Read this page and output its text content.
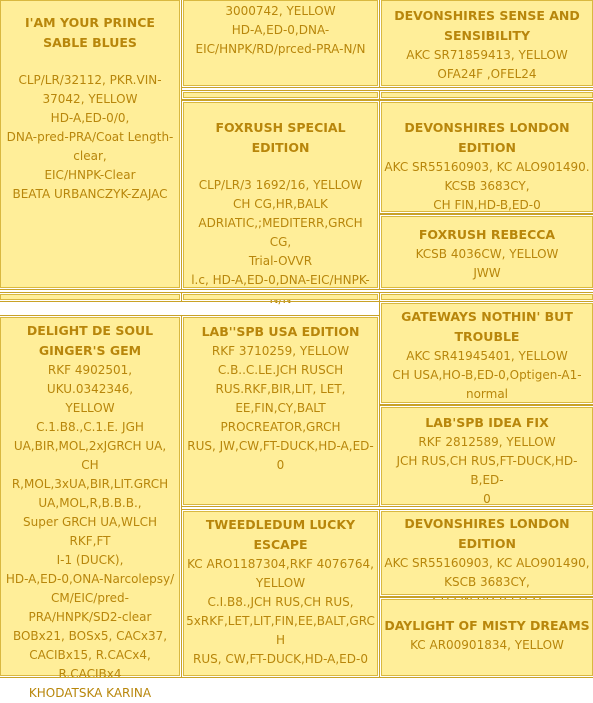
I'AM YOUR PRINCE SABLE BLUES
CLP/LR/32112, PKR.VIN-
37042, YELLOW
HD-A,ED-0/0,
DNA-pred-PRA/Coat Length-
clear,
EIC/HNPK-Clear
BEATA URBANCZYK-ZAJAC
DELIGHT DE SOUL GINGER'S GEM
RKF 4902501, UKU.0342346,
YELLOW
C.1.B8.,C.1.E. JGH
UA,BIR,MOL,2xJGRCH UA,
CH R,MOL,3xUA,BIR,LIT.GRCH
UA,MOL,R,B.B.B.,
Super GRCH UA,WLCH RKF,FT
I-1 (DUCK),
HD-A,ED-0,ONA-Narcolepsy/
CM/EIC/pred-
PRA/HNPK/SD2-clear
BOBx21, BOSx5, CACx37,
CACIBx15, R.CACx4,
R.CACIBx4
KHODATSKA KARINA
3000742, YELLOW
HD-A,ED-0,DNA-
EIC/HNPK/RD/prced-PRA-N/N
FOXRUSH SPECIAL EDITION
CLP/LR/3 1692/16, YELLOW
CH CG,HR,BALK
ADRIATIC,;MEDITERR,GRCH CG,
Trial-OVVR
l.c, HD-A,ED-0,DNA-EIC/HNPK-
LAB''SPB USA EDITION
RKF 3710259, YELLOW
C.B..C.LE.JCH RUSCH
RUS.RKF,BIR,LIT, LET,
EE,FIN,CY,BALT
PROCREATOR,GRCH
RUS, JW,CW,FT-DUCK,HD-A,ED-
0
TWEEDLEDUM LUCKY ESCAPE
KC ARO1187304,RKF 4076764,
YELLOW
C.I.B8.,JCH RUS,CH RUS,
5xRKF,LET,LIT,FIN,EE,BALT,GRC
H
RUS, CW,FT-DUCK,HD-A,ED-0
DEVONSHIRES SENSE AND SENSIBILITY
AKC SR71859413, YELLOW
OFA24F ,OFEL24
DEVONSHIRES LONDON EDITION
AKC SR55160903, KC ALO901490.
KCSB 3683CY,
CH FIN,HD-B,ED-0
FOXRUSH REBECCA
KCSB 4036CW, YELLOW
JWW
GATEWAYS NOTHIN' BUT TROUBLE
AKC SR41945401, YELLOW
CH USA,HO-B,ED-0,Optigen-A1-
normal
LAB'SPB IDEA FIX
RKF 2812589, YELLOW
JCH RUS,CH RUS,FT-DUCK,HD-B,ED-
0
DEVONSHIRES LONDON EDITION
AKC SR55160903, KC ALO901490,
KSCB 3683CY,
DAYLIGHT OF MISTY DREAMS
KC AR00901834, YELLOW
